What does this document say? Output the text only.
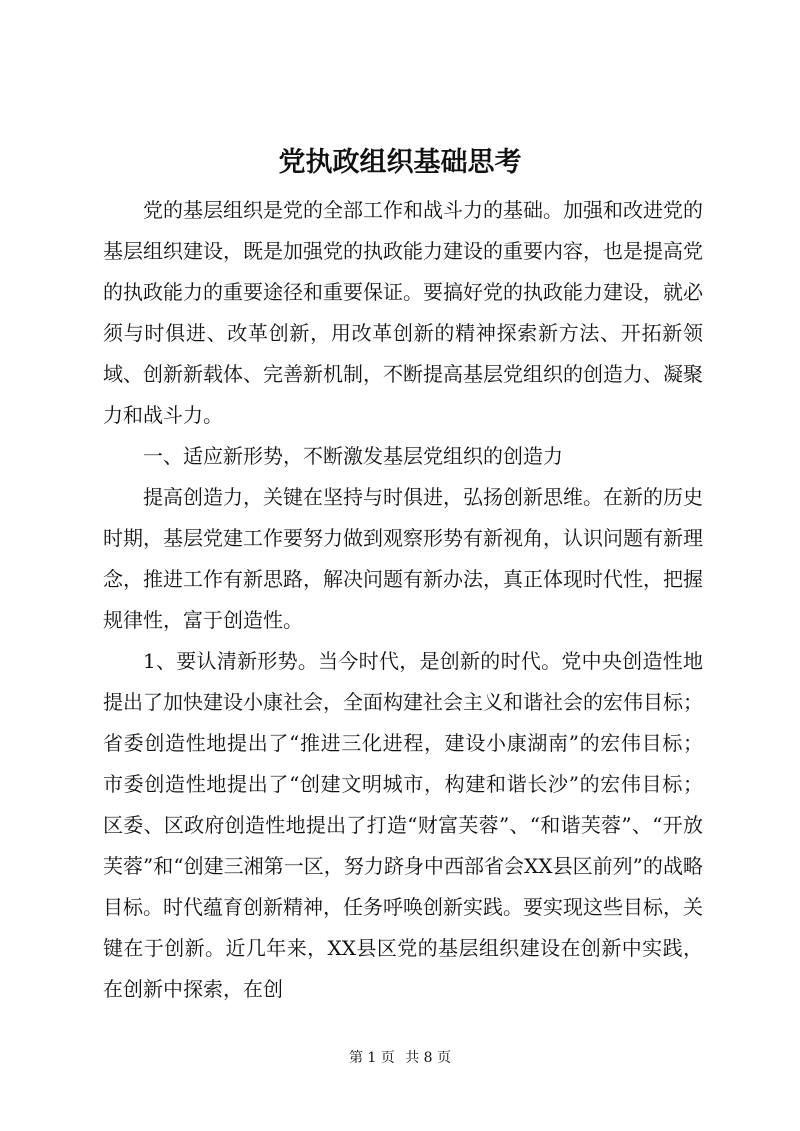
党执政组织基础思考

党的基层组织是党的全部工作和战斗力的基础。加强和改进党的基层组织建设，既是加强党的执政能力建设的重要内容，也是提高党的执政能力的重要途径和重要保证。要搞好党的执政能力建设，就必须与时俱进、改革创新，用改革创新的精神探索新方法、开拓新领域、创新新载体、完善新机制，不断提高基层党组织的创造力、凝聚力和战斗力。

一、适应新形势，不断激发基层党组织的创造力

提高创造力，关键在坚持与时俱进，弘扬创新思维。在新的历史时期，基层党建工作要努力做到观察形势有新视角，认识问题有新理念，推进工作有新思路，解决问题有新办法，真正体现时代性，把握规律性，富于创造性。

1、要认清新形势。当今时代，是创新的时代。党中央创造性地提出了加快建设小康社会，全面构建社会主义和谐社会的宏伟目标；省委创造性地提出了“推进三化进程，建设小康湖南”的宏伟目标；市委创造性地提出了“创建文明城市，构建和谐长沙”的宏伟目标；区委、区政府创造性地提出了打造“财富芙蓉”、“和谐芙蓉”、“开放芙蓉”和“创建三湘第一区，努力跻身中西部省会XX县区前列”的战略目标。时代蕴育创新精神，任务呼唤创新实践。要实现这些目标，关键在于创新。近几年来，XX县区党的基层组织建设在创新中实践，在创新中探索，在创

第 1 页 共 8 页
